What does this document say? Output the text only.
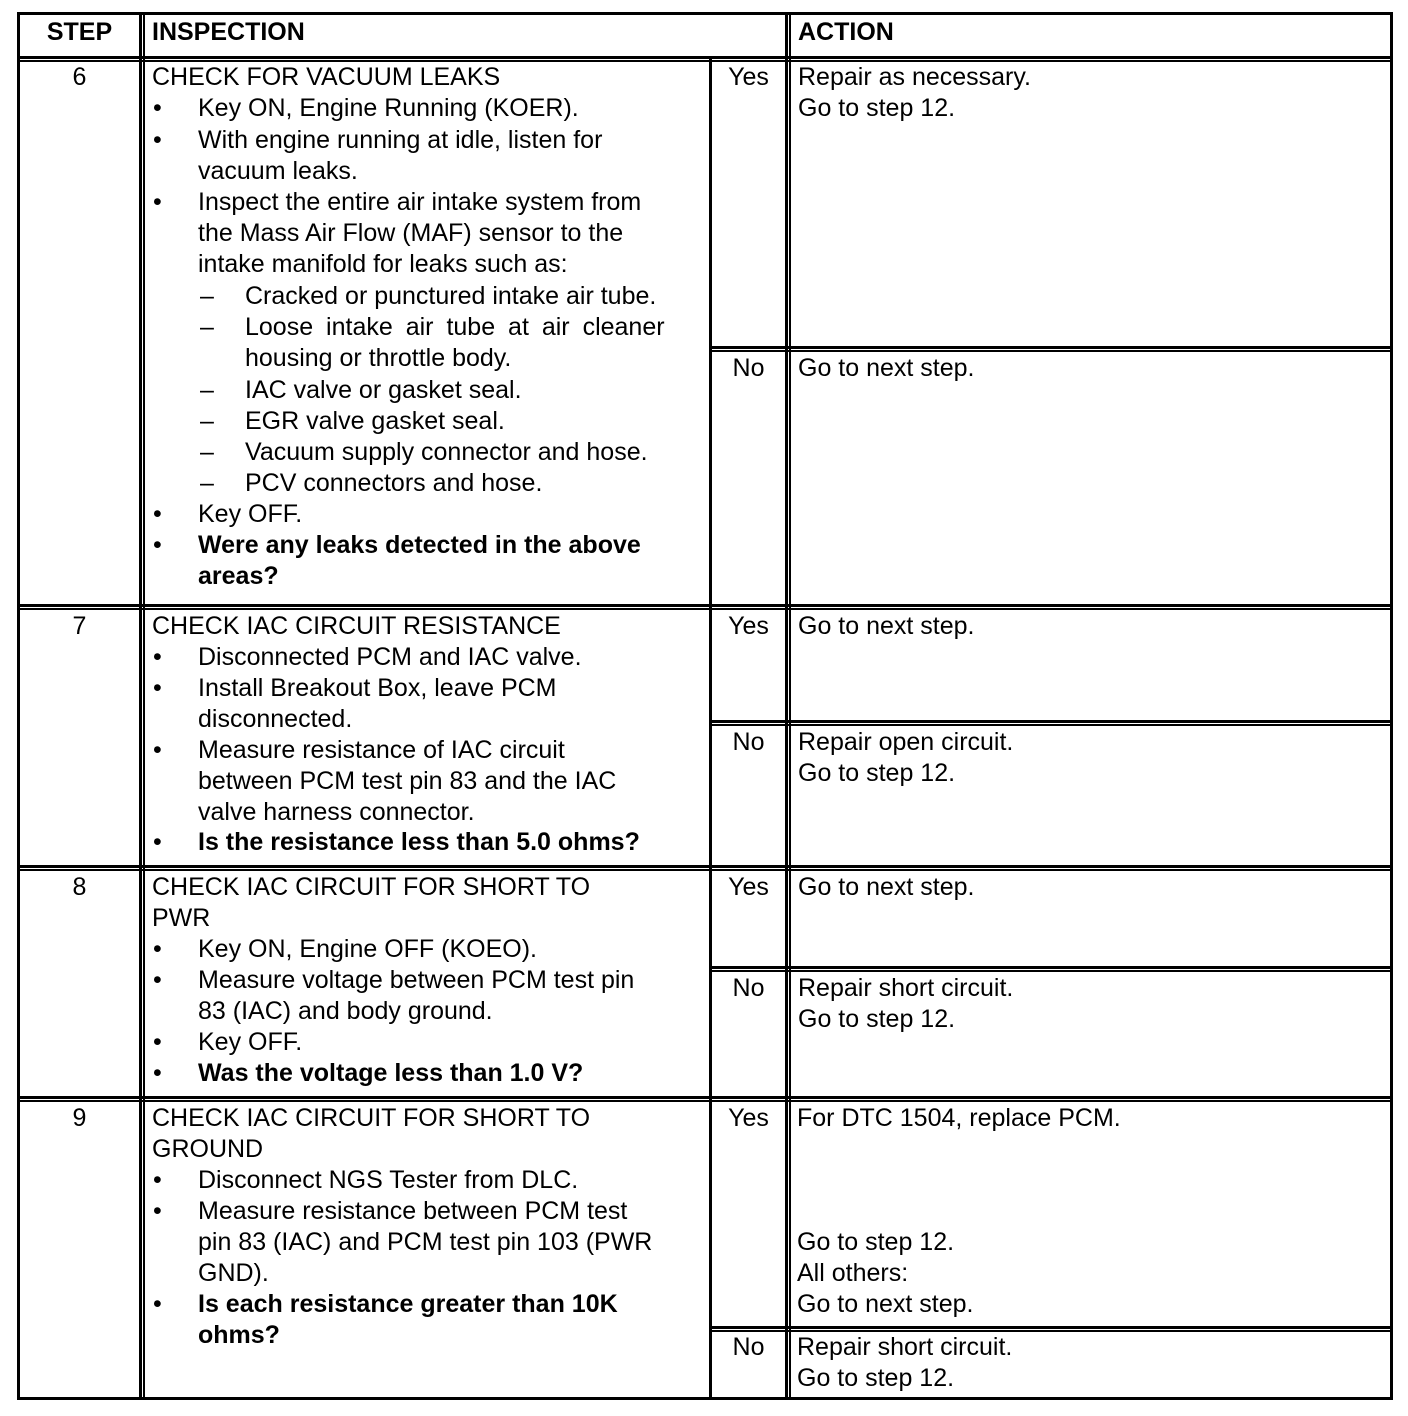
STEP	INSPECTION	ACTION
6	CHECK FOR VACUUM LEAKS
• Key ON, Engine Running (KOER).
• With engine running at idle, listen for
vacuum leaks.
• Inspect the entire air intake system from
the Mass Air Flow (MAF) sensor to the
intake manifold for leaks such as:
– Cracked or punctured intake air tube.
– Loose intake air tube at air cleaner
housing or throttle body.
– IAC valve or gasket seal.
– EGR valve gasket seal.
– Vacuum supply connector and hose.
– PCV connectors and hose.
• Key OFF.
• Were any leaks detected in the above
areas?
Yes	Repair as necessary.
Go to step 12.
No	Go to next step.
7	CHECK IAC CIRCUIT RESISTANCE
• Disconnected PCM and IAC valve.
• Install Breakout Box, leave PCM
disconnected.
• Measure resistance of IAC circuit
between PCM test pin 83 and the IAC
valve harness connector.
• Is the resistance less than 5.0 ohms?
Yes	Go to next step.
No	Repair open circuit.
Go to step 12.
8	CHECK IAC CIRCUIT FOR SHORT TO
PWR
• Key ON, Engine OFF (KOEO).
• Measure voltage between PCM test pin
83 (IAC) and body ground.
• Key OFF.
• Was the voltage less than 1.0 V?
Yes	Go to next step.
No	Repair short circuit.
Go to step 12.
9	CHECK IAC CIRCUIT FOR SHORT TO
GROUND
• Disconnect NGS Tester from DLC.
• Measure resistance between PCM test
pin 83 (IAC) and PCM test pin 103 (PWR
GND).
• Is each resistance greater than 10K
ohms?
Yes	For DTC 1504, replace PCM.
Go to step 12.
All others:
Go to next step.
No	Repair short circuit.
Go to step 12.
